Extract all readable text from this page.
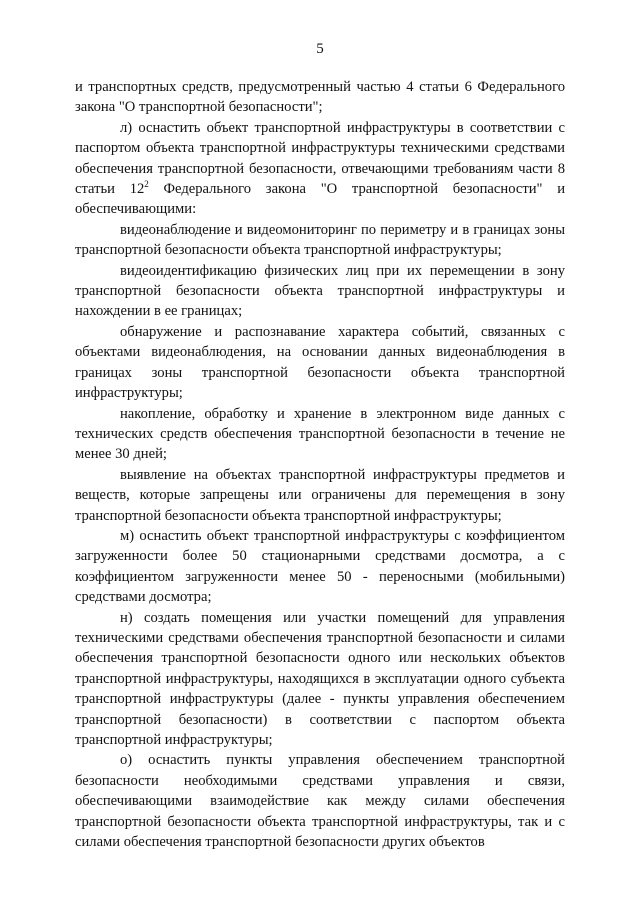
5

и транспортных средств, предусмотренный частью 4 статьи 6 Федерального закона "О транспортной безопасности";

л) оснастить объект транспортной инфраструктуры в соответствии с паспортом объекта транспортной инфраструктуры техническими средствами обеспечения транспортной безопасности, отвечающими требованиям части 8 статьи $12^2$ Федерального закона "О транспортной безопасности" и обеспечивающими:

видеонаблюдение и видеомониторинг по периметру и в границах зоны транспортной безопасности объекта транспортной инфраструктуры;

видеоидентификацию физических лиц при их перемещении в зону транспортной безопасности объекта транспортной инфраструктуры и нахождении в ее границах;

обнаружение и распознавание характера событий, связанных с объектами видеонаблюдения, на основании данных видеонаблюдения в границах зоны транспортной безопасности объекта транспортной инфраструктуры;

накопление, обработку и хранение в электронном виде данных с технических средств обеспечения транспортной безопасности в течение не менее 30 дней;

выявление на объектах транспортной инфраструктуры предметов и веществ, которые запрещены или ограничены для перемещения в зону транспортной безопасности объекта транспортной инфраструктуры;

м) оснастить объект транспортной инфраструктуры с коэффициентом загруженности более 50 стационарными средствами досмотра, а с коэффициентом загруженности менее 50 - переносными (мобильными) средствами досмотра;

н) создать помещения или участки помещений для управления техническими средствами обеспечения транспортной безопасности и силами обеспечения транспортной безопасности одного или нескольких объектов транспортной инфраструктуры, находящихся в эксплуатации одного субъекта транспортной инфраструктуры (далее - пункты управления обеспечением транспортной безопасности) в соответствии с паспортом объекта транспортной инфраструктуры;

о) оснастить пункты управления обеспечением транспортной безопасности необходимыми средствами управления и связи, обеспечивающими взаимодействие как между силами обеспечения транспортной безопасности объекта транспортной инфраструктуры, так и с силами обеспечения транспортной безопасности других объектов
